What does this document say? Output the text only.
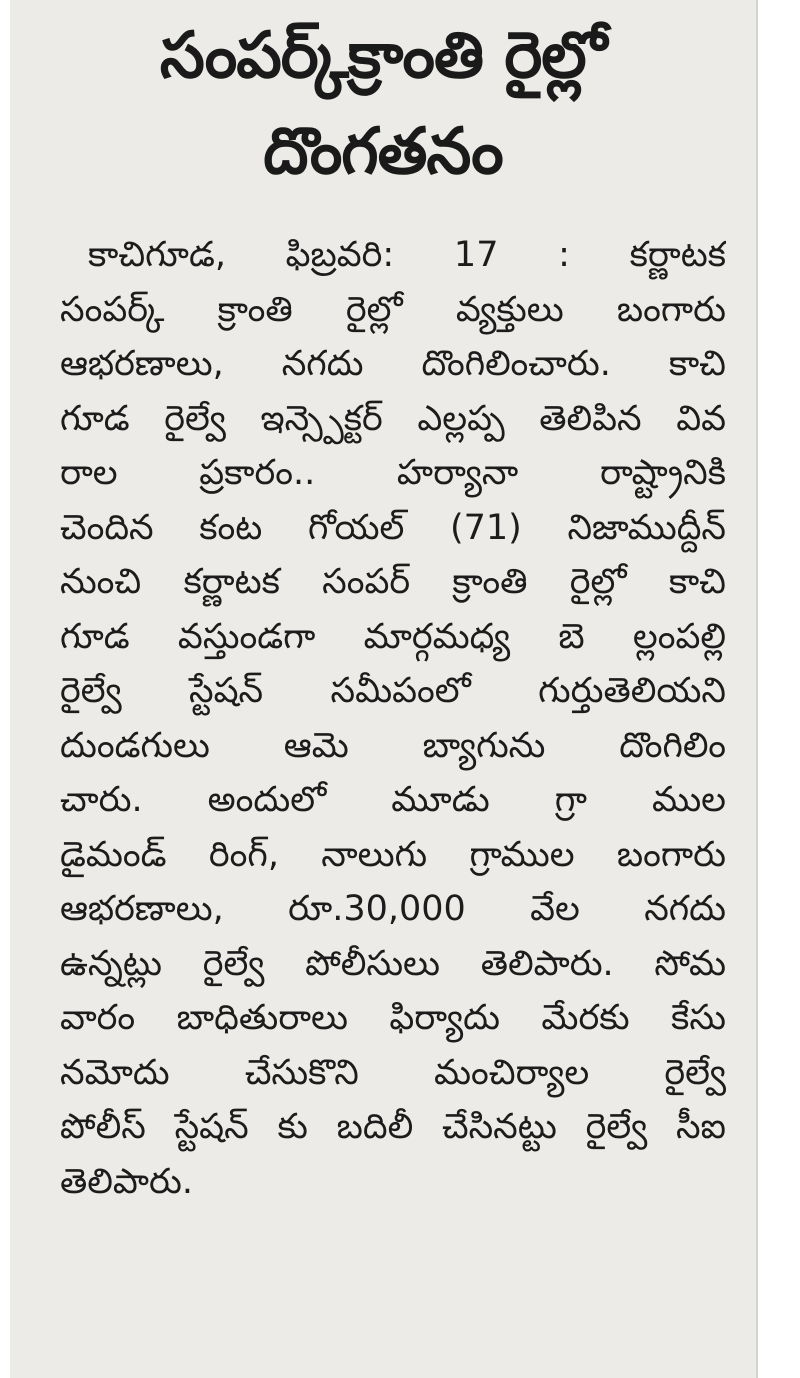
సంపర్క్‌క్రాంతి రైల్లో
దొంగతనం
కాచిగూడ, ఫిబ్రవరి: 17 : కర్ణాటక
సంపర్క్ క్రాంతి రైల్లో వ్యక్తులు బంగారు
ఆభరణాలు, నగదు దొంగిలించారు. కాచి
గూడ రైల్వే ఇన్స్పెక్టర్ ఎల్లప్ప తెలిపిన వివ
రాల ప్రకారం.. హర్యానా రాష్ట్రానికి
చెందిన కంట గోయల్ (71) నిజాముద్దీన్
నుంచి కర్ణాటక సంపర్ క్రాంతి రైల్లో కాచి
గూడ వస్తుండగా మార్గమధ్య బె ల్లంపల్లి
రైల్వే స్టేషన్ సమీపంలో గుర్తుతెలియని
దుండగులు ఆమె బ్యాగును దొంగిలిం
చారు. అందులో మూడు గ్రా ముల
డైమండ్ రింగ్, నాలుగు గ్రాముల బంగారు
ఆభరణాలు, రూ.30,000 వేల నగదు
ఉన్నట్లు రైల్వే పోలీసులు తెలిపారు. సోమ
వారం బాధితురాలు ఫిర్యాదు మేరకు కేసు
నమోదు చేసుకొని మంచిర్యాల రైల్వే
పోలీస్ స్టేషన్ కు బదిలీ చేసినట్టు రైల్వే సీఐ
తెలిపారు.
